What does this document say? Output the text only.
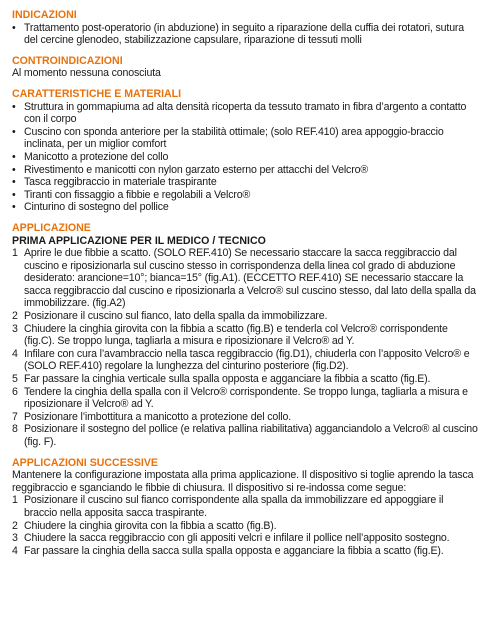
INDICAZIONI
• Trattamento post-operatorio (in abduzione) in seguito a riparazione della cuffia dei rotatori, sutura del cercine glenodeo, stabilizzazione capsulare, riparazione di tessuti molli
CONTROINDICAZIONI

Al momento nessuna conosciuta

CARATTERISTICHE E MATERIALI
• Struttura in gommapiuma ad alta densità ricoperta da tessuto tramato in fibra d’argento a contatto con il corpo
• Cuscino con sponda anteriore per la stabilità ottimale; (solo REF.410) area appoggio-braccio inclinata, per un miglior comfort
• Manicotto a protezione del collo
• Rivestimento e manicotti con nylon garzato esterno per attacchi del Velcro®
• Tasca reggibraccio in materiale traspirante
• Tiranti con fissaggio a fibbie e regolabili a Velcro®
• Cinturino di sostegno del pollice
APPLICAZIONE
PRIMA APPLICAZIONE PER IL MEDICO / TECNICO
1 Aprire le due fibbie a scatto. (SOLO REF.410) Se necessario staccare la sacca reggibraccio dal cuscino e riposizionarla sul cuscino stesso in corrispondenza della linea col grado di abduzione desiderato: arancione=10°; bianca=15° (fig.A1). (ECCETTO REF.410) SE necessario staccare la sacca reggibraccio dal cuscino e riposizionarla a Velcro® sul cuscino stesso, dal lato della spalla da immobilizzare. (fig.A2)
2 Posizionare il cuscino sul fianco, lato della spalla da immobilizzare.
3 Chiudere la cinghia girovita con la fibbia a scatto (fig.B) e tenderla col Velcro® corrispondente (fig.C). Se troppo lunga, tagliarla a misura e riposizionare il Velcro® ad Y.
4 Infilare con cura l’avambraccio nella tasca reggibraccio (fig.D1), chiuderla con l’apposito Velcro® e (SOLO REF.410) regolare la lunghezza del cinturino posteriore (fig.D2).
5 Far passare la cinghia verticale sulla spalla opposta e agganciare la fibbia a scatto (fig.E).
6 Tendere la cinghia della spalla con il Velcro® corrispondente. Se troppo lunga, tagliarla a misura e riposizionare il Velcro® ad Y.
7 Posizionare l’imbottitura a manicotto a protezione del collo.
8 Posizionare il sostegno del pollice (e relativa pallina riabilitativa) agganciandolo a Velcro® al cuscino (fig. F).
APPLICAZIONI SUCCESSIVE

Mantenere la configurazione impostata alla prima applicazione. Il dispositivo si toglie aprendo la tasca reggibraccio e sganciando le fibbie di chiusura. Il dispositivo si re-indossa come segue:

1 Posizionare il cuscino sul fianco corrispondente alla spalla da immobilizzare ed appoggiare il braccio nella apposita sacca traspirante.
2 Chiudere la cinghia girovita con la fibbia a scatto (fig.B).
3 Chiudere la sacca reggibraccio con gli appositi velcri e infilare il pollice nell’apposito sostegno.
4 Far passare la cinghia della sacca sulla spalla opposta e agganciare la fibbia a scatto (fig.E).
